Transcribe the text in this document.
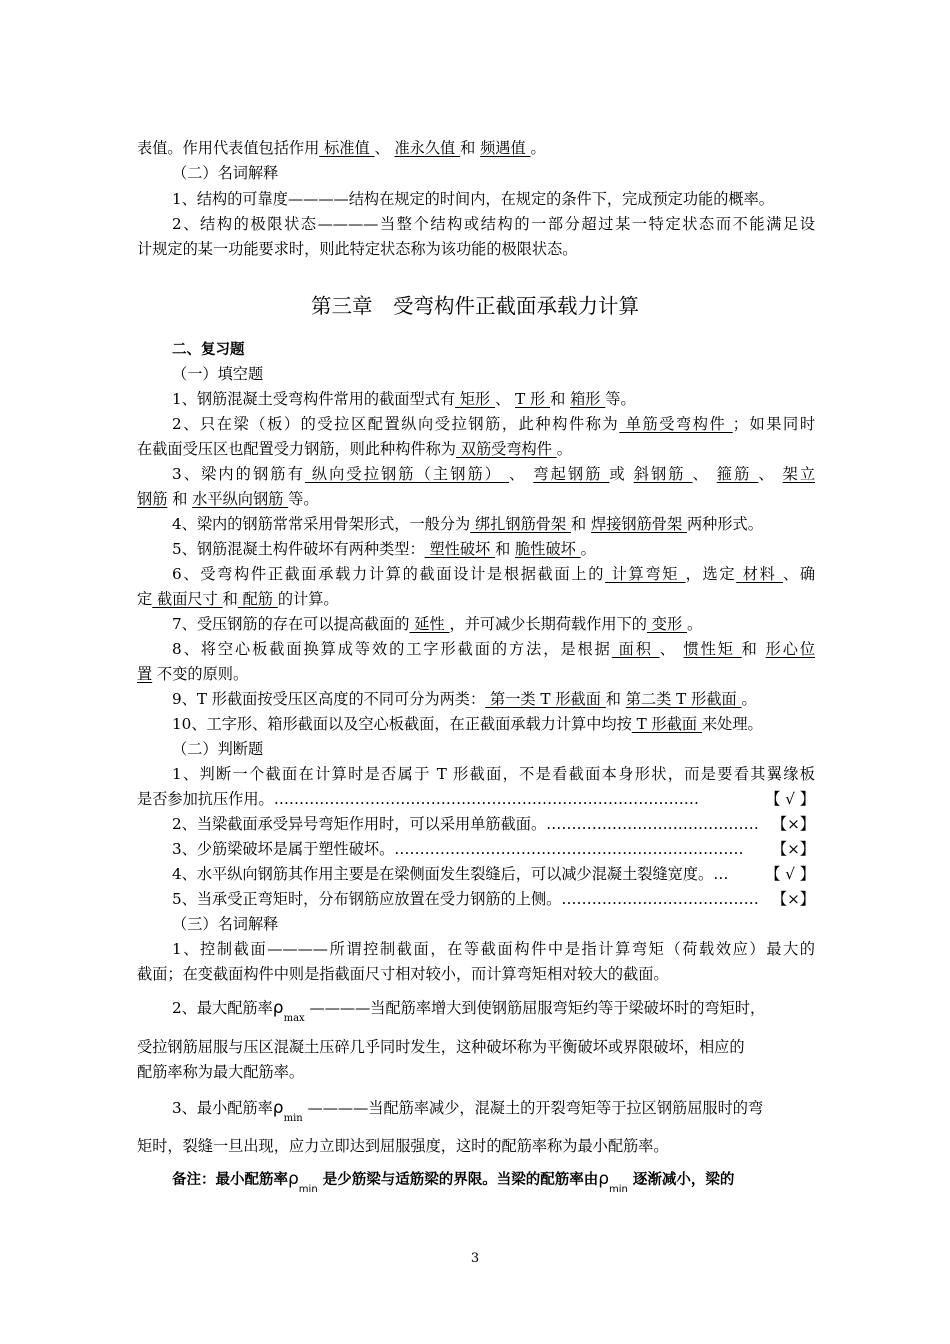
表值。作用代表值包括作用 标准值 、 准永久值 和 频遇值 。
（二）名词解释
1、结构的可靠度————结构在规定的时间内，在规定的条件下，完成预定功能的概率。
2、结构的极限状态————当整个结构或结构的一部分超过某一特定状态而不能满足设
计规定的某一功能要求时，则此特定状态称为该功能的极限状态。
第三章　受弯构件正截面承载力计算
二、复习题
（一）填空题
1、钢筋混凝土受弯构件常用的截面型式有 矩形 、 T 形 和 箱形 等。
2、只在梁（板）的受拉区配置纵向受拉钢筋，此种构件称为 单筋受弯构件 ；如果同时
在截面受压区也配置受力钢筋，则此种构件称为 双筋受弯构件 。
3、梁内的钢筋有 纵向受拉钢筋（主钢筋） 、 弯起钢筋 或 斜钢筋 、 箍筋 、 架立
钢筋 和 水平纵向钢筋 等。
4、梁内的钢筋常常采用骨架形式，一般分为 绑扎钢筋骨架 和 焊接钢筋骨架 两种形式。
5、钢筋混凝土构件破坏有两种类型： 塑性破坏 和 脆性破坏 。
6、受弯构件正截面承载力计算的截面设计是根据截面上的 计算弯矩 ，选定 材料 、确
定 截面尺寸 和 配筋 的计算。
7、受压钢筋的存在可以提高截面的 延性 ，并可减少长期荷载作用下的 变形 。
8、将空心板截面换算成等效的工字形截面的方法，是根据 面积 、 惯性矩 和 形心位
置 不变的原则。
9、T 形截面按受压区高度的不同可分为两类： 第一类 T 形截面 和 第二类 T 形截面 。
10、工字形、箱形截面以及空心板截面，在正截面承载力计算中均按 T 形截面 来处理。
（二）判断题
1、判断一个截面在计算时是否属于 T 形截面，不是看截面本身形状，而是要看其翼缘板
【 √ 】
是否参加抗压作用。…………………………………………………………………………
【×】
2、当梁截面承受异号弯矩作用时，可以采用单筋截面。……………………………………
【×】
3、少筋梁破坏是属于塑性破坏。……………………………………………………………
【 √ 】
4、水平纵向钢筋其作用主要是在梁侧面发生裂缝后，可以减少混凝土裂缝宽度。…
【×】
5、当承受正弯矩时，分布钢筋应放置在受力钢筋的上侧。…………………………………
（三）名词解释
1、控制截面————所谓控制截面，在等截面构件中是指计算弯矩（荷载效应）最大的
截面；在变截面构件中则是指截面尺寸相对较小，而计算弯矩相对较大的截面。
2、最大配筋率$\rho_{max}$ ————当配筋率增大到使钢筋屈服弯矩约等于梁破坏时的弯矩时，
受拉钢筋屈服与压区混凝土压碎几乎同时发生，这种破坏称为平衡破坏或界限破坏，相应的
配筋率称为最大配筋率。
3、最小配筋率$\rho_{min}$ ————当配筋率减少，混凝土的开裂弯矩等于拉区钢筋屈服时的弯
矩时，裂缝一旦出现，应力立即达到屈服强度，这时的配筋率称为最小配筋率。
备注：最小配筋率$\rho_{min}$ 是少筋梁与适筋梁的界限。当梁的配筋率由$\rho_{min}$ 逐渐减小，梁的
3
